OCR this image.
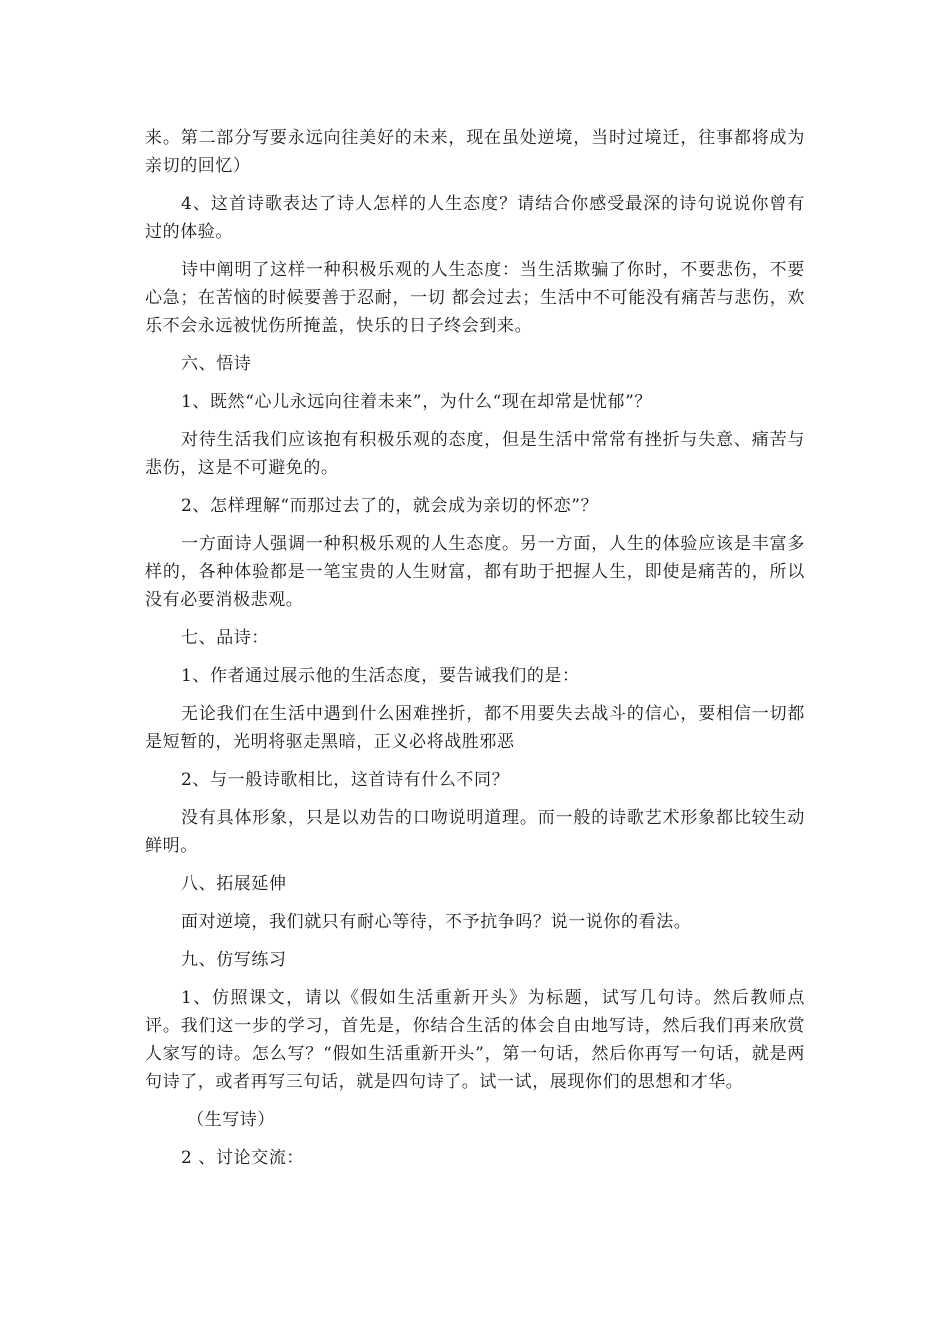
来。第二部分写要永远向往美好的未来，现在虽处逆境，当时过境迁，往事都将成为亲切的回忆）

4、这首诗歌表达了诗人怎样的人生态度？请结合你感受最深的诗句说说你曾有过的体验。

诗中阐明了这样一种积极乐观的人生态度：当生活欺骗了你时，不要悲伤，不要心急；在苦恼的时候要善于忍耐，一切 都会过去；生活中不可能没有痛苦与悲伤，欢乐不会永远被忧伤所掩盖，快乐的日子终会到来。

六、悟诗

1、既然“心儿永远向往着未来”，为什么“现在却常是忧郁”？

对待生活我们应该抱有积极乐观的态度，但是生活中常常有挫折与失意、痛苦与悲伤，这是不可避免的。

2、怎样理解“而那过去了的，就会成为亲切的怀恋”？

一方面诗人强调一种积极乐观的人生态度。另一方面，人生的体验应该是丰富多样的，各种体验都是一笔宝贵的人生财富，都有助于把握人生，即使是痛苦的，所以没有必要消极悲观。

七、品诗：

1、作者通过展示他的生活态度，要告诫我们的是：

无论我们在生活中遇到什么困难挫折，都不用要失去战斗的信心，要相信一切都是短暂的，光明将驱走黑暗，正义必将战胜邪恶

2、与一般诗歌相比，这首诗有什么不同？

没有具体形象，只是以劝告的口吻说明道理。而一般的诗歌艺术形象都比较生动鲜明。

八、拓展延伸

面对逆境，我们就只有耐心等待，不予抗争吗？说一说你的看法。

九、仿写练习

1、仿照课文，请以《假如生活重新开头》为标题，试写几句诗。然后教师点评。我们这一步的学习，首先是，你结合生活的体会自由地写诗，然后我们再来欣赏人家写的诗。怎么写？“假如生活重新开头”，第一句话，然后你再写一句话，就是两句诗了，或者再写三句话，就是四句诗了。试一试，展现你们的思想和才华。

（生写诗）

2 、讨论交流：
